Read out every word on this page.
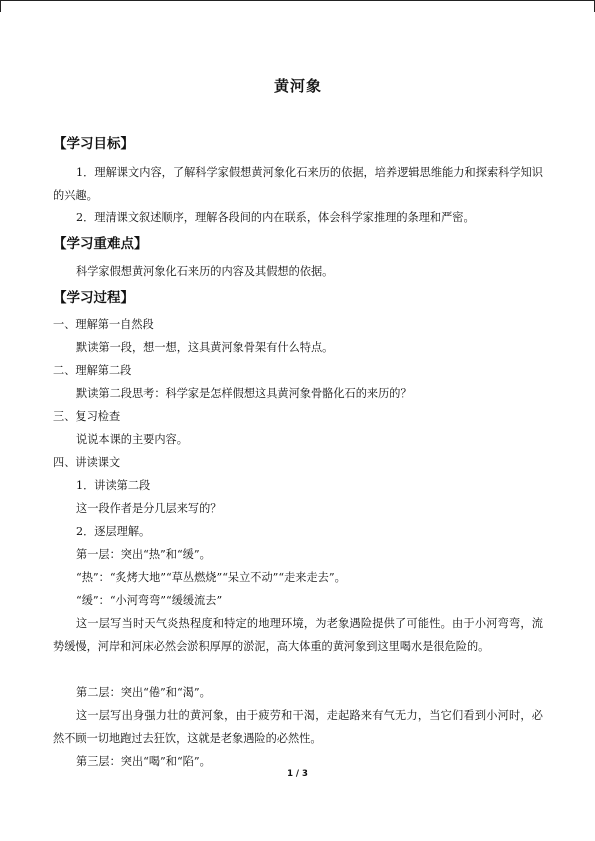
黄河象
【学习目标】
1．理解课文内容，了解科学家假想黄河象化石来历的依据，培养逻辑思维能力和探索科学知识的兴趣。
2．理清课文叙述顺序，理解各段间的内在联系，体会科学家推理的条理和严密。
【学习重难点】
科学家假想黄河象化石来历的内容及其假想的依据。
【学习过程】
一、理解第一自然段
默读第一段，想一想，这具黄河象骨架有什么特点。
二、理解第二段
默读第二段思考：科学家是怎样假想这具黄河象骨骼化石的来历的？
三、复习检查
说说本课的主要内容。
四、讲读课文
1．讲读第二段
这一段作者是分几层来写的？
2．逐层理解。
第一层：突出“热”和“缓”。
“热”：“炙烤大地”“草丛燃烧”“呆立不动”“走来走去”。
“缓”：“小河弯弯”“缓缓流去”
这一层写当时天气炎热程度和特定的地理环境，为老象遇险提供了可能性。由于小河弯弯，流势缓慢，河岸和河床必然会淤积厚厚的淤泥，高大体重的黄河象到这里喝水是很危险的。
第二层：突出“倦”和“渴”。
这一层写出身强力壮的黄河象，由于疲劳和干渴，走起路来有气无力，当它们看到小河时，必然不顾一切地跑过去狂饮，这就是老象遇险的必然性。
第三层：突出“喝”和“陷”。
1 / 3
